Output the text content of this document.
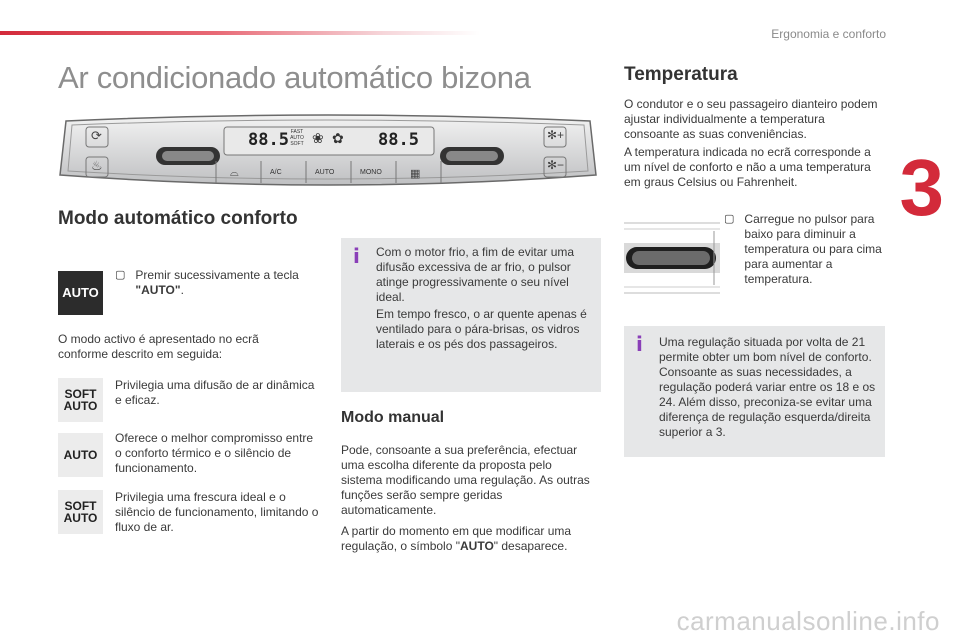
Ergonomia e conforto
3
carmanualsonline.info
Ar condicionado automático bizona
88.5 FAST
AUTO
SOFT ❀ ✿ 88.5
⟳
♨
✻+
✻−
⌓	A/C	AUTO	MONO	▦
Modo automático conforto
AUTO
▢ Premir sucessivamente a tecla "AUTO".

O modo activo é apresentado no ecrã conforme descrito em seguida:

SOFT
AUTO

Privilegia uma difusão de ar dinâmica e eficaz.

AUTO

Oferece o melhor compromisso entre o conforto térmico e o silêncio de funcionamento.

SOFT
AUTO

Privilegia uma frescura ideal e o silêncio de funcionamento, limitando o fluxo de ar.

i Com o motor frio, a fim de evitar uma difusão excessiva de ar frio, o pulsor atinge progressivamente o seu nível ideal.

Em tempo fresco, o ar quente apenas é ventilado para o pára-brisas, os vidros laterais e os pés dos passageiros.

Modo manual

Pode, consoante a sua preferência, efectuar uma escolha diferente da proposta pelo sistema modificando uma regulação. As outras funções serão sempre geridas automaticamente.

A partir do momento em que modificar uma regulação, o símbolo "AUTO" desaparece.

Temperatura

O condutor e o seu passageiro dianteiro podem ajustar individualmente a temperatura consoante as suas conveniências.

A temperatura indicada no ecrã corresponde a um nível de conforto e não a uma temperatura em graus Celsius ou Fahrenheit.

▢ Carregue no pulsor para baixo para diminuir a temperatura ou para cima para aumentar a temperatura.

i Uma regulação situada por volta de 21 permite obter um bom nível de conforto. Consoante as suas necessidades, a regulação poderá variar entre os 18 e os 24. Além disso, preconiza-se evitar uma diferença de regulação esquerda/direita superior a 3.
